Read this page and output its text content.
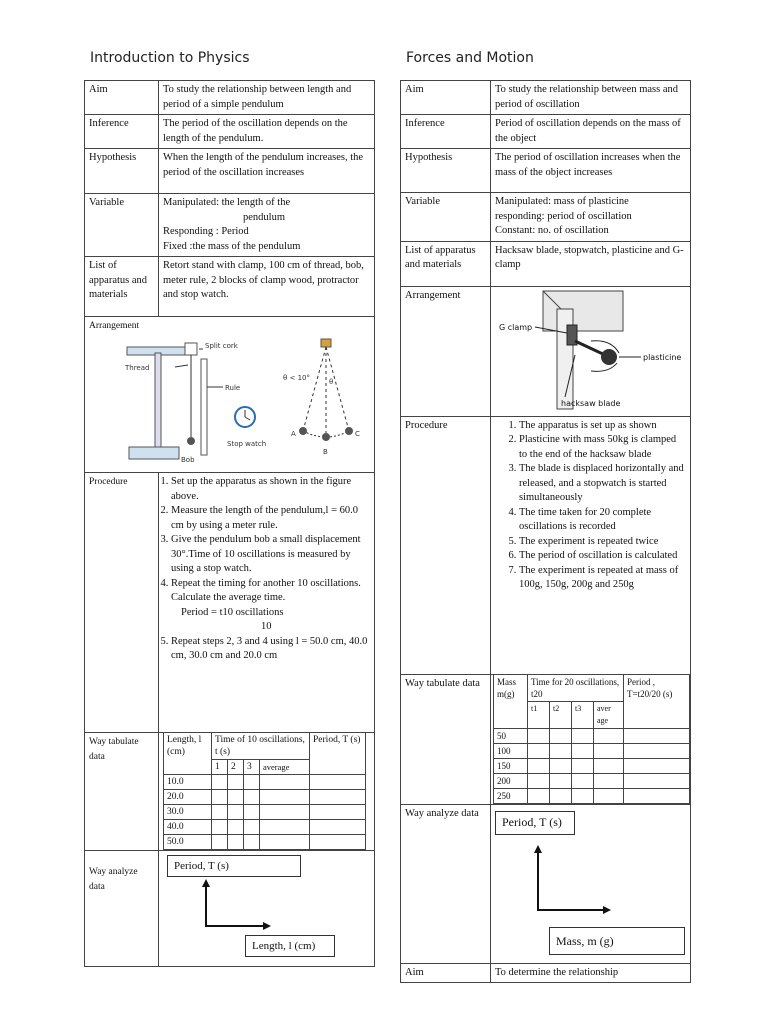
Introduction to Physics	Forces and Motion
Aim	To study the relationship between length and period of a simple pendulum
Inference	The period of the oscillation depends on the length of the pendulum.
Hypothesis	When the length of the pendulum increases, the period of the oscillation increases
Variable	Manipulated: the length of the
pendulum
Responding : Period
Fixed :the mass of the pendulum

List of apparatus and materials	Retort stand with clamp, 100 cm of thread, bob, meter rule, 2 blocks of clamp wood, protractor and stop watch.

Arrangement
Split cork
Thread
Rule
Bob
Stop watch
θ < 10°	θ
A
B
C

Procedure	
1.Set up the apparatus as shown in the figure above.
2. Measure the length of the pendulum,l = 60.0 cm by using a meter rule.
3. Give the pendulum bob a small displacement 30°.Time of 10 oscillations is measured by using a stop watch.
4. Repeat the timing for another 10 oscillations. Calculate the average time.
Period = t10 oscillations
10
5. Repeat steps 2, 3 and 4 using l = 50.0 cm, 40.0 cm, 30.0 cm and 20.0 cm

Way tabulate data	
Length, l (cm)	Time of 10 oscillations, t (s)	Period, T (s)
1	2	3	average
10.0					
20.0					
30.0					
40.0					
50.0					

Way analyze data	
Period, T (s)
Length, l (cm)
Aim	To study the relationship between mass and period of oscillation
Inference	Period of oscillation depends on the mass of the object
Hypothesis	The period of oscillation increases when the mass of the object increases
Variable	Manipulated: mass of plasticine
responding: period of oscillation
Constant: no. of oscillation

List of apparatus and materials	Hacksaw blade, stopwatch, plasticine and G-clamp
Arrangement	
G clamp
plasticine
hacksaw blade

Procedure	
1.The apparatus is set up as shown
2. Plasticine with mass 50kg is clamped to the end of the hacksaw blade
3. The blade is displaced horizontally and released, and a stopwatch is started simultaneously
4. The time taken for 20 complete oscillations is recorded
5. The experiment is repeated twice
6. The period of oscillation is calculated
7. The experiment is repeated at mass of 100g, 150g, 200g and 250g

Way tabulate data	Mass m(g)	Time for 20 oscillations, t20	Period , T=t20/20 (s)
t1	t2	t3	aver age
50					
100					
150					
200					
250					

Way analyze data	
Period, T (s)
Mass, m (g)

Aim	To determine the relationship
